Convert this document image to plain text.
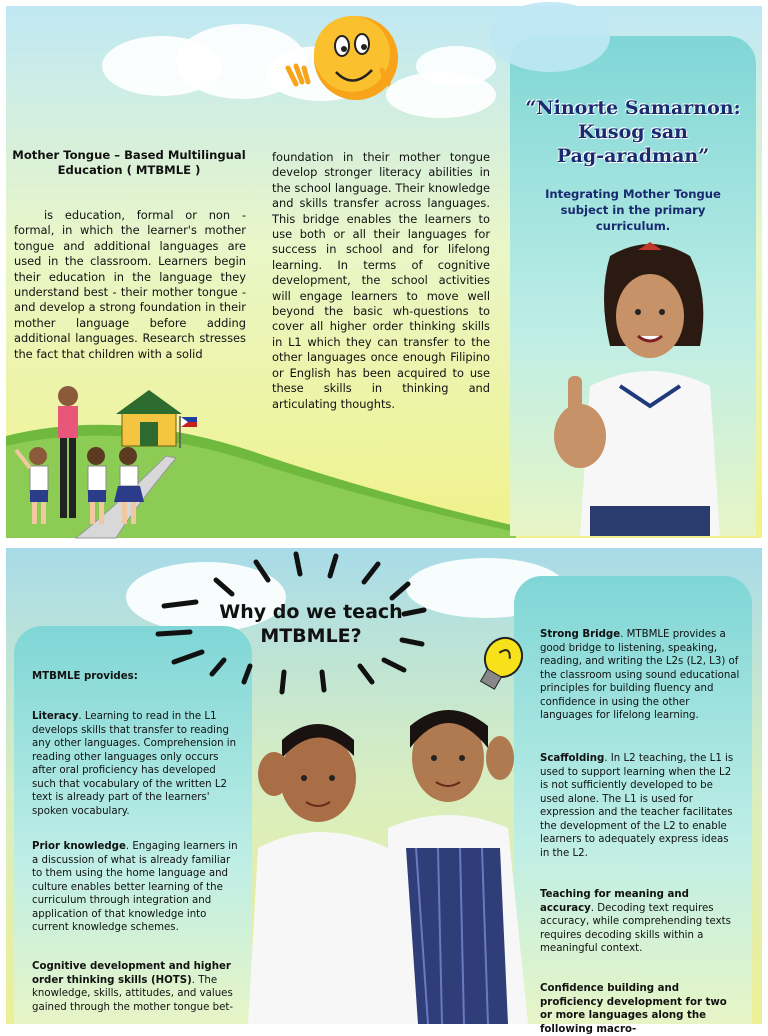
Mother Tongue – Based Multilingual Education ( MTBMLE )
is education, formal or non - formal, in which the learner's mother tongue and additional languages are used in the classroom. Learners begin their education in the language they understand best - their mother tongue - and develop a strong foundation in their mother language before adding additional languages. Research stresses the fact that children with a solid
foundation in their mother tongue develop stronger literacy abilities in the school language. Their knowledge and skills transfer across languages. This bridge enables the learners to use both or all their languages for success in school and for lifelong learning. In terms of cognitive development, the school activities will engage learners to move well beyond the basic wh-questions to cover all higher order thinking skills in L1 which they can transfer to the other languages once enough Filipino or English has been acquired to use these skills in thinking and articulating thoughts.
“Ninorte Samarnon:
Kusog san
Pag-aradman”
Integrating Mother Tongue subject in the primary curriculum.
MTBMLE provides:
Literacy. Learning to read in the L1 develops skills that transfer to reading any other languages. Comprehension in reading other languages only occurs after oral proficiency has developed such that vocabulary of the written L2 text is already part of the learners' spoken vocabulary.
Prior knowledge. Engaging learners in a discussion of what is already familiar to them using the home language and culture enables better learning of the curriculum through integration and application of that knowledge into current knowledge schemes.
Cognitive development and higher order thinking skills (HOTS). The knowledge, skills, attitudes, and values gained through the mother tongue bet-
Strong Bridge. MTBMLE provides a good bridge to listening, speaking, reading, and writing the L2s (L2, L3) of the classroom using sound educational principles for building fluency and confidence in using the other languages for lifelong learning.
Scaffolding. In L2 teaching, the L1 is used to support learning when the L2 is not sufficiently developed to be used alone. The L1 is used for expression and the teacher facilitates the development of the L2 to enable learners to adequately express ideas in the L2.
Teaching for meaning and accuracy. Decoding text requires accuracy, while comprehending texts requires decoding skills within a meaningful context.
Confidence building and proficiency development for two or more languages along the following macro-
Why do we teach
MTBMLE?
